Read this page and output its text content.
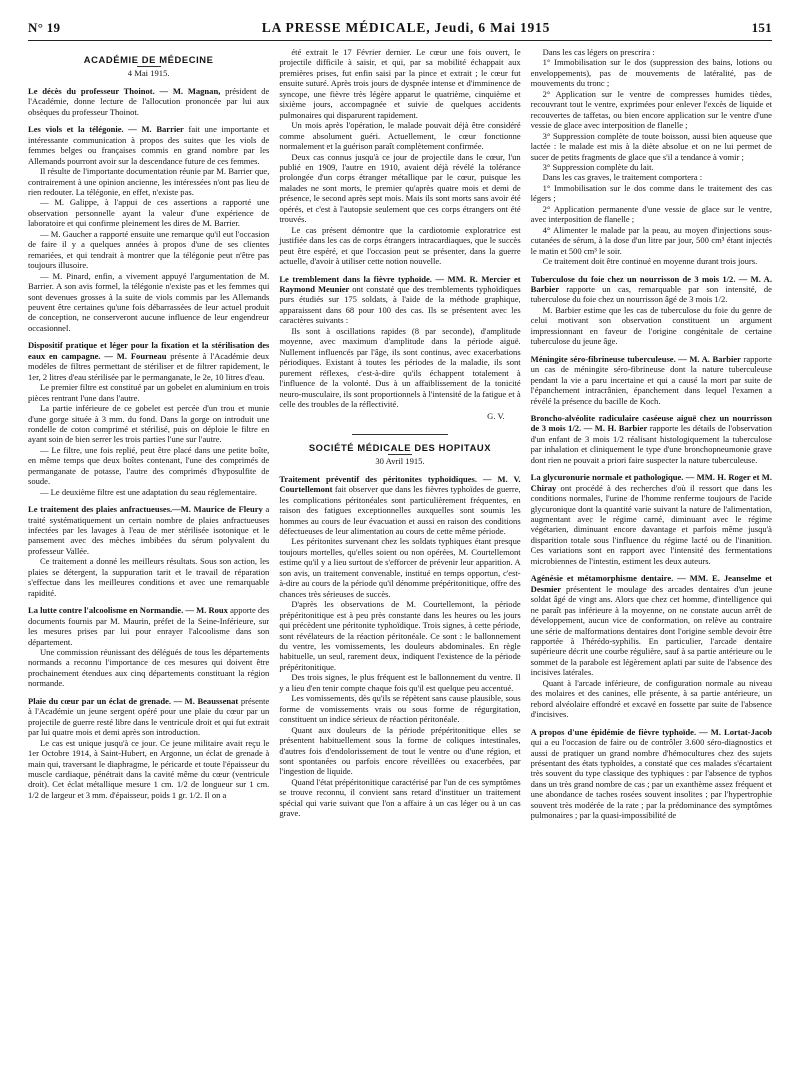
N° 19	LA PRESSE MÉDICALE, Jeudi, 6 Mai 1915	151
ACADÉMIE DE MÉDECINE
4 Mai 1915.

Le décès du professeur Thoinot. — M. Magnan, président de l'Académie, donne lecture de l'allocution prononcée par lui aux obsèques du professeur Thoinot.

Les viols et la télégonie. — M. Barrier fait une importante et intéressante communication à propos des suites que les viols de femmes belges ou françaises commis en grand nombre par les Allemands pourront avoir sur la descendance future de ces femmes.

Il résulte de l'importante documentation réunie par M. Barrier que, contrairement à une opinion ancienne, les intéressées n'ont pas lieu de rien redouter. La télégonie, en effet, n'existe pas.

— M. Galippe, à l'appui de ces assertions a rapporté une observation personnelle ayant la valeur d'une expérience de laboratoire et qui confirme pleinement les dires de M. Barrier.

— M. Gaucher a rapporté ensuite une remarque qu'il eut l'occasion de faire il y a quelques années à propos d'une de ses clientes remariées, et qui tendrait à montrer que la télégonie peut n'être pas toujours illusoire.

— M. Pinard, enfin, a vivement appuyé l'argumentation de M. Barrier. A son avis formel, la télégonie n'existe pas et les femmes qui sont devenues grosses à la suite de viols commis par les Allemands peuvent être certaines qu'une fois débarrassées de leur actuel produit de conception, ne conserveront aucune influence de leur engendreur occasionnel.

Dispositif pratique et léger pour la fixation et la stérilisation des eaux en campagne. — M. Fourneau présente à l'Académie deux modèles de filtres permettant de stériliser et de filtrer rapidement, le 1er, 2 litres d'eau stérilisée par le permanganate, le 2e, 10 litres d'eau.

Le premier filtre est constitué par un gobelet en aluminium en trois pièces rentrant l'une dans l'autre.

La partie inférieure de ce gobelet est percée d'un trou et munie d'une gorge située à 3 mm. du fond. Dans la gorge on introduit une rondelle de coton comprimé et stérilisé, puis on déploie le filtre en ayant soin de bien serrer les trois parties l'une sur l'autre.

— Le filtre, une fois replié, peut être placé dans une petite boîte, en même temps que deux boîtes contenant, l'une des comprimés de permanganate de potasse, l'autre des comprimés d'hyposulfite de soude.

— Le deuxième filtre est une adaptation du seau réglementaire.

Le traitement des plaies anfractueuses.—M. Maurice de Fleury a traité systématiquement un certain nombre de plaies anfractueuses infectées par les lavages à l'eau de mer stérilisée isotonique et le pansement avec des mèches imbibées du sérum polyvalent du professeur Vallée.

Ce traitement a donné les meilleurs résultats. Sous son action, les plaies se détergent, la suppuration tarit et le travail de réparation s'effectue dans les meilleures conditions et avec une remarquable rapidité.

La lutte contre l'alcoolisme en Normandie. — M. Roux apporte des documents fournis par M. Maurin, préfet de la Seine-Inférieure, sur les mesures prises par lui pour enrayer l'alcoolisme dans son département.

Une commission réunissant des délégués de tous les départements normands a reconnu l'importance de ces mesures qui doivent être prochainement étendues aux cinq départements constituant la région normande.

Plaie du cœur par un éclat de grenade. — M. Beaussenat présente à l'Académie un jeune sergent opéré pour une plaie du cœur par un projectile de guerre resté libre dans le ventricule droit et qui fut extrait par lui quatre mois et demi après son introduction.

Le cas est unique jusqu'à ce jour. Ce jeune militaire avait reçu le 1er Octobre 1914, à Saint-Hubert, en Argonne, un éclat de grenade à main qui, traversant le diaphragme, le péricarde et toute l'épaisseur du muscle cardiaque, pénétrait dans la cavité même du cœur (ventricule droit). Cet éclat métallique mesure 1 cm. 1/2 de longueur sur 1 cm. 1/2 de largeur et 3 mm. d'épaisseur, poids 1 gr. 1/2. Il on a

été extrait le 17 Février dernier. Le cœur une fois ouvert, le projectile difficile à saisir, et qui, par sa mobilité échappait aux premières prises, fut enfin saisi par la pince et extrait ; le cœur fut ensuite suturé. Après trois jours de dyspnée intense et d'imminence de syncope, une fièvre très légère apparut le quatrième, cinquième et sixième jours, accompagnée et suivie de quelques accidents pulmonaires qui disparurent rapidement.

Un mois après l'opération, le malade pouvait déjà être considéré comme absolument guéri. Actuellement, le cœur fonctionne normalement et la guérison paraît complètement confirmée.

Deux cas connus jusqu'à ce jour de projectile dans le cœur, l'un publié en 1909, l'autre en 1910, avaient déjà révélé la tolérance prolongée d'un corps étranger métallique par le cœur, puisque les malades ne sont morts, le premier qu'après quatre mois et demi de présence, le second après sept mois. Mais ils sont morts sans avoir été opérés, et c'est à l'autopsie seulement que ces corps étrangers ont été trouvés.

Le cas présent démontre que la cardiotomie exploratrice est justifiée dans les cas de corps étrangers intracardiaques, que le succès peut être espéré, et que l'occasion peut se présenter, dans la guerre actuelle, d'avoir à utiliser cette notion nouvelle.

Le tremblement dans la fièvre typhoïde. — MM. R. Mercier et Raymond Meunier ont constaté que des tremblements typhoïdiques purs étudiés sur 175 soldats, à l'aide de la méthode graphique, apparaissent dans 68 pour 100 des cas. Ils se présentent avec les caractères suivants :

Ils sont à oscillations rapides (8 par seconde), d'amplitude moyenne, avec maximum d'amplitude dans la période aiguë. Nullement influencés par l'âge, ils sont continus, avec exacerbations périodiques. Existant à toutes les périodes de la maladie, ils sont purement réflexes, c'est-à-dire qu'ils échappent totalement à l'influence de la volonté. Dus à un affaiblissement de la tonicité neuro-musculaire, ils sont proportionnels à l'intensité de la fatigue et à celle des troubles de la réflectivité.

G. V.

SOCIÉTÉ MÉDICALE DES HOPITAUX
30 Avril 1915.

Traitement préventif des péritonites typhoïdiques. — M. V. Courtellemont fait observer que dans les fièvres typhoïdes de guerre, les complications péritonéales sont particulièrement fréquentes, en raison des fatigues exceptionnelles auxquelles sont soumis les hommes au cours de leur évacuation et aussi en raison des conditions défectueuses de leur alimentation au cours de cette même période.

Les péritonites survenant chez les soldats typhiques étant presque toujours mortelles, qu'elles soient ou non opérées, M. Courtellemont estime qu'il y a lieu surtout de s'efforcer de prévenir leur apparition. A son avis, un traitement convenable, institué en temps opportun, c'est-à-dire au cours de la période qu'il dénomme prépéritonitique, offre des chances très sérieuses de succès.

D'après les observations de M. Courtellemont, la période prépéritonitique est à peu près constante dans les heures ou les jours qui précèdent une péritonite typhoïdique. Trois signes, à cette période, sont révélateurs de la réaction péritonéale. Ce sont : le ballonnement du ventre, les vomissements, les douleurs abdominales. En règle habituelle, un seul, rarement deux, indiquent l'existence de la période prépéritonitique.

Des trois signes, le plus fréquent est le ballonnement du ventre. Il y a lieu d'en tenir compte chaque fois qu'il est quelque peu accentué.

Les vomissements, dès qu'ils se répètent sans cause plausible, sous forme de vomissements vrais ou sous forme de régurgitation, constituent un indice sérieux de réaction péritonéale.

Quant aux douleurs de la période prépéritonitique elles se présentent habituellement sous la forme de coliques intestinales, d'autres fois d'endolorissement de tout le ventre ou d'une région, et sont spontanées ou parfois encore réveillées ou exacerbées, par l'ingestion de liquide.

Quand l'état prépéritonitique caractérisé par l'un de ces symptômes se trouve reconnu, il convient sans retard d'instituer un traitement spécial qui varie suivant que l'on a affaire à un cas léger ou à un cas grave.

Dans les cas légers on prescrira :

1° Immobilisation sur le dos (suppression des bains, lotions ou enveloppements), pas de mouvements de latéralité, pas de mouvements du tronc ;

2° Application sur le ventre de compresses humides tièdes, recouvrant tout le ventre, exprimées pour enlever l'excès de liquide et recouvertes de taffetas, ou bien encore application sur le ventre d'une vessie de glace avec interposition de flanelle ;

3° Suppression complète de toute boisson, aussi bien aqueuse que lactée : le malade est mis à la diète absolue et on ne lui permet de sucer de petits fragments de glace que s'il a tendance à vomir ;

3° Suppression complète du lait.

Dans les cas graves, le traitement comportera :

1° Immobilisation sur le dos comme dans le traitement des cas légers ;

2° Application permanente d'une vessie de glace sur le ventre, avec interposition de flanelle ;

4° Alimenter le malade par la peau, au moyen d'injections sous-cutanées de sérum, à la dose d'un litre par jour, 500 cm³ étant injectés le matin et 500 cm³ le soir.

Ce traitement doit être continué en moyenne durant trois jours.

Tuberculose du foie chez un nourrisson de 3 mois 1/2. — M. A. Barbier rapporte un cas, remarquable par son intensité, de tuberculose du foie chez un nourrisson âgé de 3 mois 1/2.

M. Barbier estime que les cas de tuberculose du foie du genre de celui motivant son observation constituent un argument impressionnant en faveur de l'origine congénitale de certaine tuberculose du jeune âge.

Méningite séro-fibrineuse tuberculeuse. — M. A. Barbier rapporte un cas de méningite séro-fibrineuse dont la nature tuberculeuse pendant la vie a paru incertaine et qui a causé la mort par suite de l'épanchement intracrânien, épanchement dans lequel l'examen a révélé la présence du bacille de Koch.

Broncho-alvéolite radiculaire caséeuse aiguë chez un nourrisson de 3 mois 1/2. — M. H. Barbier rapporte les détails de l'observation d'un enfant de 3 mois 1/2 réalisant histologiquement la tuberculose par inhalation et cliniquement le type d'une bronchopneumonie grave dont rien ne pouvait a priori faire suspecter la nature tuberculeuse.

La glycuronurie normale et pathologique. — MM. H. Roger et M. Chiray ont procédé à des recherches d'où il ressort que dans les conditions normales, l'urine de l'homme renferme toujours de l'acide glycuronique dont la quantité varie suivant la nature de l'alimentation, augmentant avec le régime carné, diminuant avec le régime végétarien, diminuant encore davantage et parfois même jusqu'à disparition totale sous l'influence du régime lacté ou de l'inanition. Ces variations sont en rapport avec l'intensité des fermentations microbiennes de l'intestin, estiment les deux auteurs.

Agénésie et métamorphisme dentaire. — MM. E. Jeanselme et Desmier présentent le moulage des arcades dentaires d'un jeune soldat âgé de vingt ans. Alors que chez cet homme, d'intelligence qui ne paraît pas inférieure à la moyenne, on ne constate aucun arrêt de développement, aucun vice de conformation, on relève au contraire une série de malformations dentaires dont l'origine semble devoir être rapportée à l'hérédo-syphilis. En particulier, l'arcade dentaire supérieure décrit une courbe régulière, sauf à sa partie antérieure ou le sommet de la parabole est légèrement aplati par suite de l'absence des incisives latérales.

Quant à l'arcade inférieure, de configuration normale au niveau des molaires et des canines, elle présente, à sa partie antérieure, un rebord alvéolaire effondré et excavé en fossette par suite de l'absence d'incisives.

A propos d'une épidémie de fièvre typhoïde. — M. Lortat-Jacob qui a eu l'occasion de faire ou de contrôler 3.600 séro-diagnostics et aussi de pratiquer un grand nombre d'hémocultures chez des sujets présentant des états typhoïdes, a constaté que ces malades s'écartaient très souvent du type classique des typhiques : par l'absence de typhos dans un très grand nombre de cas ; par un exanthème assez fréquent et une abondance de taches rosées souvent insolites ; par l'hypertrophie souvent très modérée de la rate ; par la prédominance des symptômes pulmonaires ; par la quasi-impossibilité de
